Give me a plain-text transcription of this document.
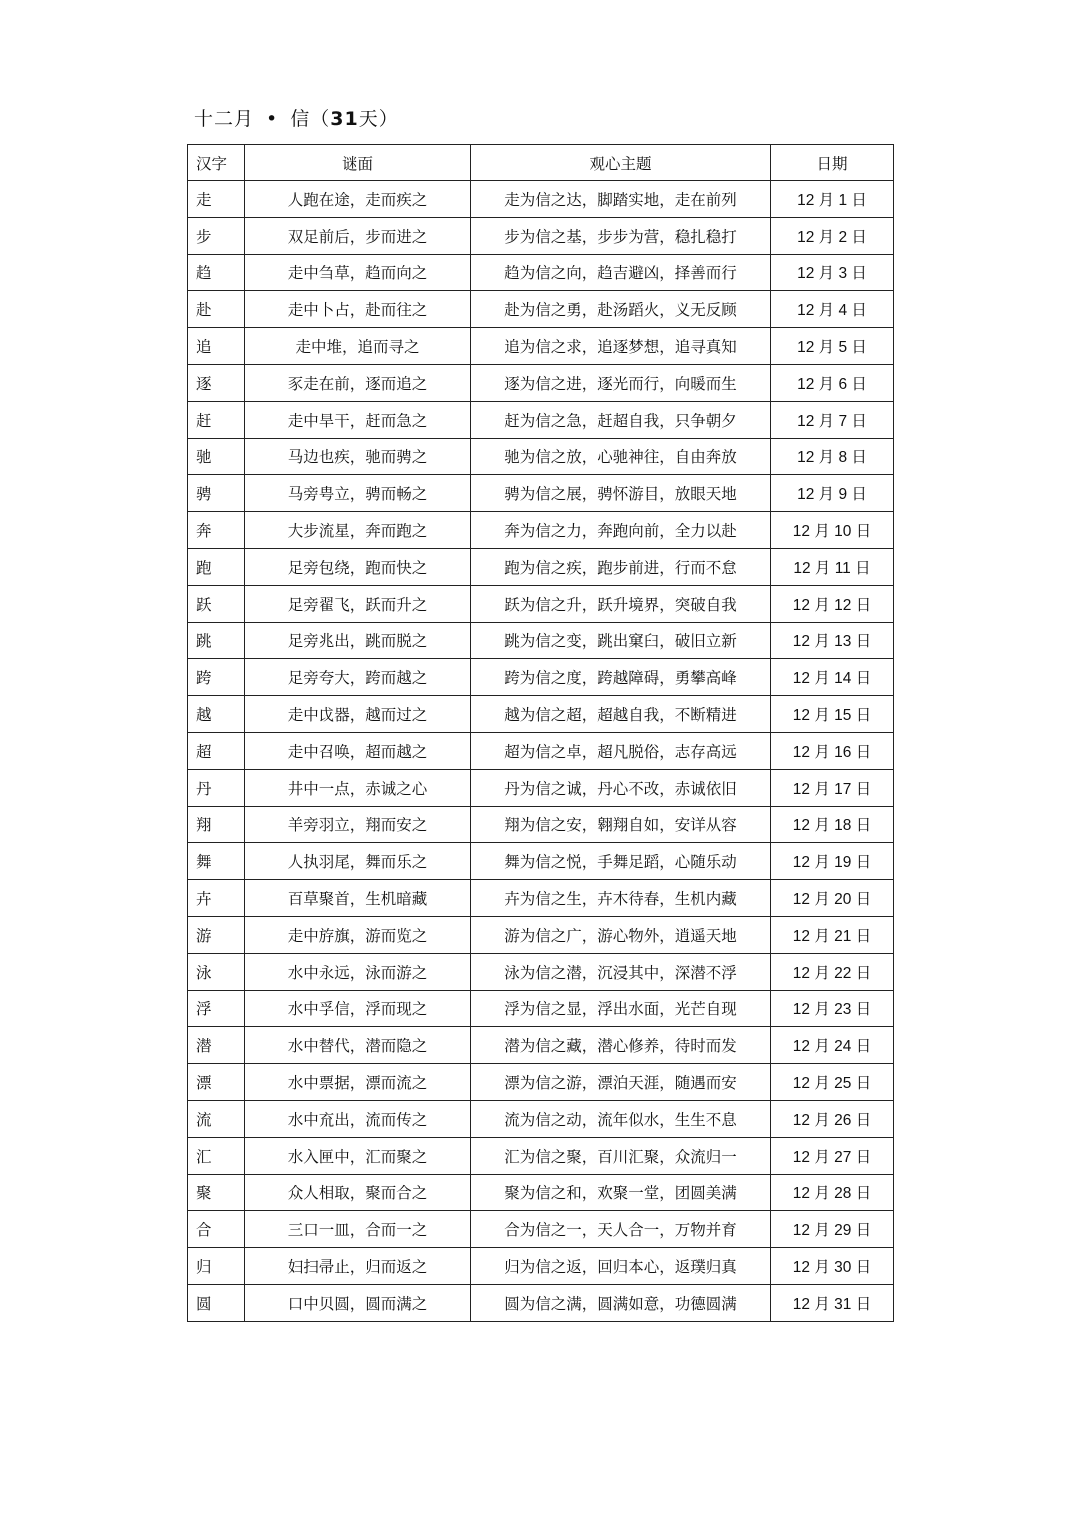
十二月 • 信（31天）
汉字	谜面	观心主题	日期
走	人跑在途，走而疾之	走为信之达，脚踏实地，走在前列	12 月 1 日
步	双足前后，步而进之	步为信之基，步步为营，稳扎稳打	12 月 2 日
趋	走中刍草，趋而向之	趋为信之向，趋吉避凶，择善而行	12 月 3 日
赴	走中卜占，赴而往之	赴为信之勇，赴汤蹈火，义无反顾	12 月 4 日
追	走中堆，追而寻之	追为信之求，追逐梦想，追寻真知	12 月 5 日
逐	豕走在前，逐而追之	逐为信之进，逐光而行，向暖而生	12 月 6 日
赶	走中旱干，赶而急之	赶为信之急，赶超自我，只争朝夕	12 月 7 日
驰	马边也疾，驰而骋之	驰为信之放，心驰神往，自由奔放	12 月 8 日
骋	马旁甹立，骋而畅之	骋为信之展，骋怀游目，放眼天地	12 月 9 日
奔	大步流星，奔而跑之	奔为信之力，奔跑向前，全力以赴	12 月 10 日
跑	足旁包绕，跑而快之	跑为信之疾，跑步前进，行而不怠	12 月 11 日
跃	足旁翟飞，跃而升之	跃为信之升，跃升境界，突破自我	12 月 12 日
跳	足旁兆出，跳而脱之	跳为信之变，跳出窠臼，破旧立新	12 月 13 日
跨	足旁夸大，跨而越之	跨为信之度，跨越障碍，勇攀高峰	12 月 14 日
越	走中戉器，越而过之	越为信之超，超越自我，不断精进	12 月 15 日
超	走中召唤，超而越之	超为信之卓，超凡脱俗，志存高远	12 月 16 日
丹	井中一点，赤诚之心	丹为信之诚，丹心不改，赤诚依旧	12 月 17 日
翔	羊旁羽立，翔而安之	翔为信之安，翱翔自如，安详从容	12 月 18 日
舞	人执羽尾，舞而乐之	舞为信之悦，手舞足蹈，心随乐动	12 月 19 日
卉	百草聚首，生机暗藏	卉为信之生，卉木待春，生机内藏	12 月 20 日
游	走中斿旗，游而览之	游为信之广，游心物外，逍遥天地	12 月 21 日
泳	水中永远，泳而游之	泳为信之潜，沉浸其中，深潜不浮	12 月 22 日
浮	水中孚信，浮而现之	浮为信之显，浮出水面，光芒自现	12 月 23 日
潜	水中替代，潜而隐之	潜为信之藏，潜心修养，待时而发	12 月 24 日
漂	水中票据，漂而流之	漂为信之游，漂泊天涯，随遇而安	12 月 25 日
流	水中㐬出，流而传之	流为信之动，流年似水，生生不息	12 月 26 日
汇	水入匣中，汇而聚之	汇为信之聚，百川汇聚，众流归一	12 月 27 日
聚	众人相取，聚而合之	聚为信之和，欢聚一堂，团圆美满	12 月 28 日
合	三口一皿，合而一之	合为信之一，天人合一，万物并育	12 月 29 日
归	妇扫帚止，归而返之	归为信之返，回归本心，返璞归真	12 月 30 日
圆	口中贝圆，圆而满之	圆为信之满，圆满如意，功德圆满	12 月 31 日
